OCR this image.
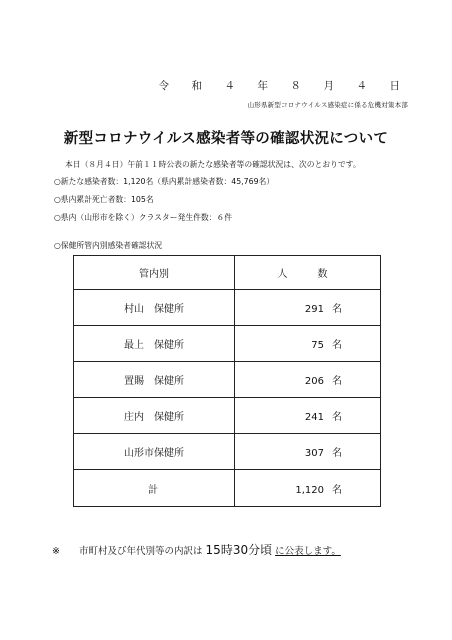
令　和　４　年　８　月　４　日
山形県新型コロナウイルス感染症に係る危機対策本部
新型コロナウイルス感染者等の確認状況について
本日（８月４日）午前１１時公表の新たな感染者等の確認状況は、次のとおりです。
○新たな感染者数：1,120名（県内累計感染者数：45,769名）
○県内累計死亡者数：105名
○県内（山形市を除く）クラスター発生件数：６件
○保健所管内別感染者確認状況
管内別	人　数
村山　保健所	291 名
最上　保健所	75 名
置賜　保健所	206 名
庄内　保健所	241 名
山形市保健所	307 名
計	1,120 名
※ 市町村及び年代別等の内訳は 15時30分頃 に公表します。
